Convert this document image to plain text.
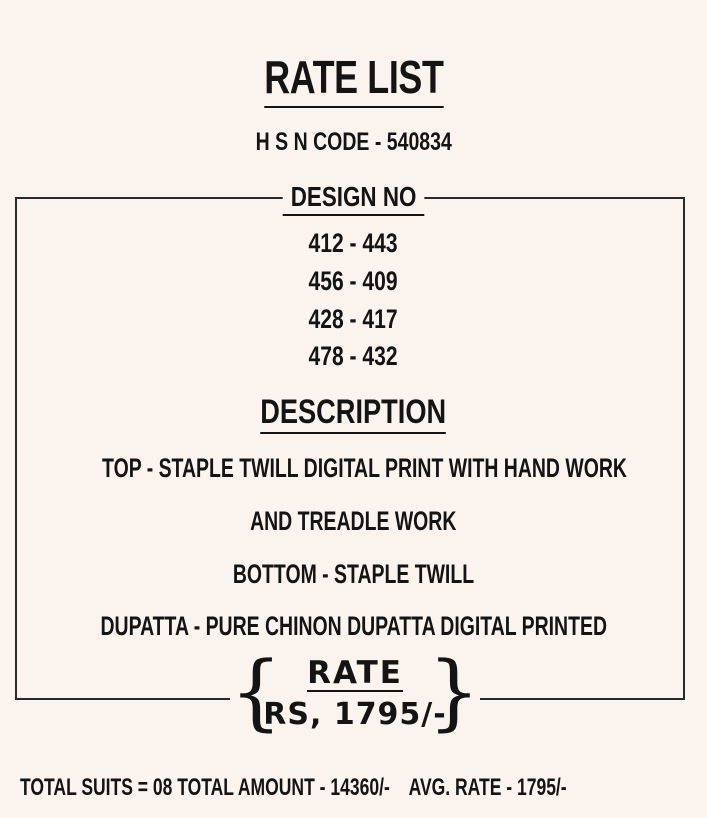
RATE LIST
H S N CODE - 540834
DESIGN NO
412 - 443
456 - 409
428 - 417
478 - 432
DESCRIPTION
TOP - STAPLE TWILL DIGITAL PRINT WITH HAND WORK
AND TREADLE WORK
BOTTOM - STAPLE TWILL
DUPATTA - PURE CHINON DUPATTA DIGITAL PRINTED
{ RATE
RS, 1795/-
}
TOTAL SUITS = 08 TOTAL AMOUNT - 14360/-    AVG. RATE - 1795/-
